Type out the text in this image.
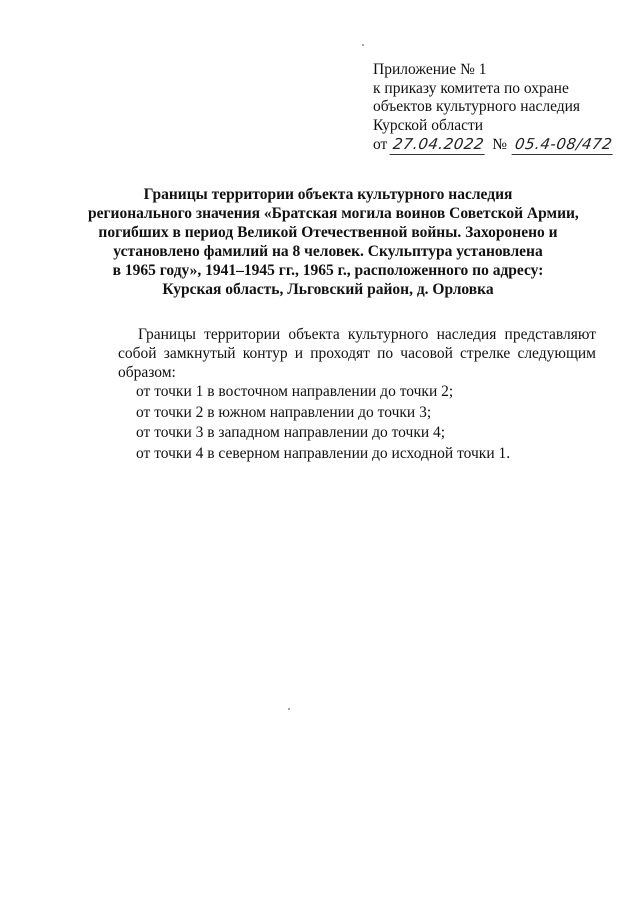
Приложение № 1
к приказу комитета по охране
объектов культурного наследия
Курской области
от 27.04.2022 № 05.4-08/472
Границы территории объекта культурного наследия
регионального значения «Братская могила воинов Советской Армии,
погибших в период Великой Отечественной войны. Захоронено и
установлено фамилий на 8 человек. Скульптура установлена
в 1965 году», 1941–1945 гг., 1965 г., расположенного по адресу:
Курская область, Льговский район, д. Орловка

Границы территории объекта культурного наследия представляют собой замкнутый контур и проходят по часовой стрелке следующим образом:

от точки 1 в восточном направлении до точки 2;

от точки 2 в южном направлении до точки 3;

от точки 3 в западном направлении до точки 4;

от точки 4 в северном направлении до исходной точки 1.
